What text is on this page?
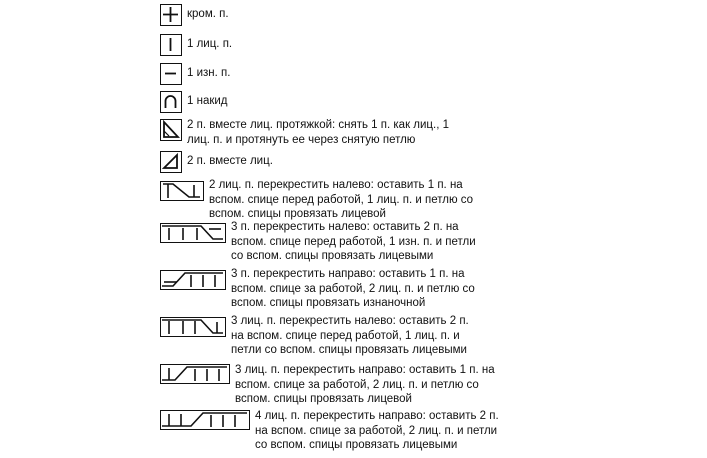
кром. п.
1 лиц. п.
1 изн. п.
1 накид
2 п. вместе лиц. протяжкой: снять 1 п. как лиц., 1
лиц. п. и протянуть ее через снятую петлю
2 п. вместе лиц.
2 лиц. п. перекрестить налево: оставить 1 п. на
вспом. спице перед работой, 1 лиц. п. и петлю со
вспом. спицы провязать лицевой
3 п. перекрестить налево: оставить 2 п. на
вспом. спице перед работой, 1 изн. п. и петли
со вспом. спицы провязать лицевыми
3 п. перекрестить направо: оставить 1 п. на
вспом. спице за работой, 2 лиц. п. и петлю со
вспом. спицы провязать изнаночной
3 лиц. п. перекрестить налево: оставить 2 п.
на вспом. спице перед работой, 1 лиц. п. и
петли со вспом. спицы провязать лицевыми
3 лиц. п. перекрестить направо: оставить 1 п. на
вспом. спице за работой, 2 лиц. п. и петлю со
вспом. спицы провязать лицевой
4 лиц. п. перекрестить направо: оставить 2 п.
на вспом. спице за работой, 2 лиц. п. и петли
со вспом. спицы провязать лицевыми
